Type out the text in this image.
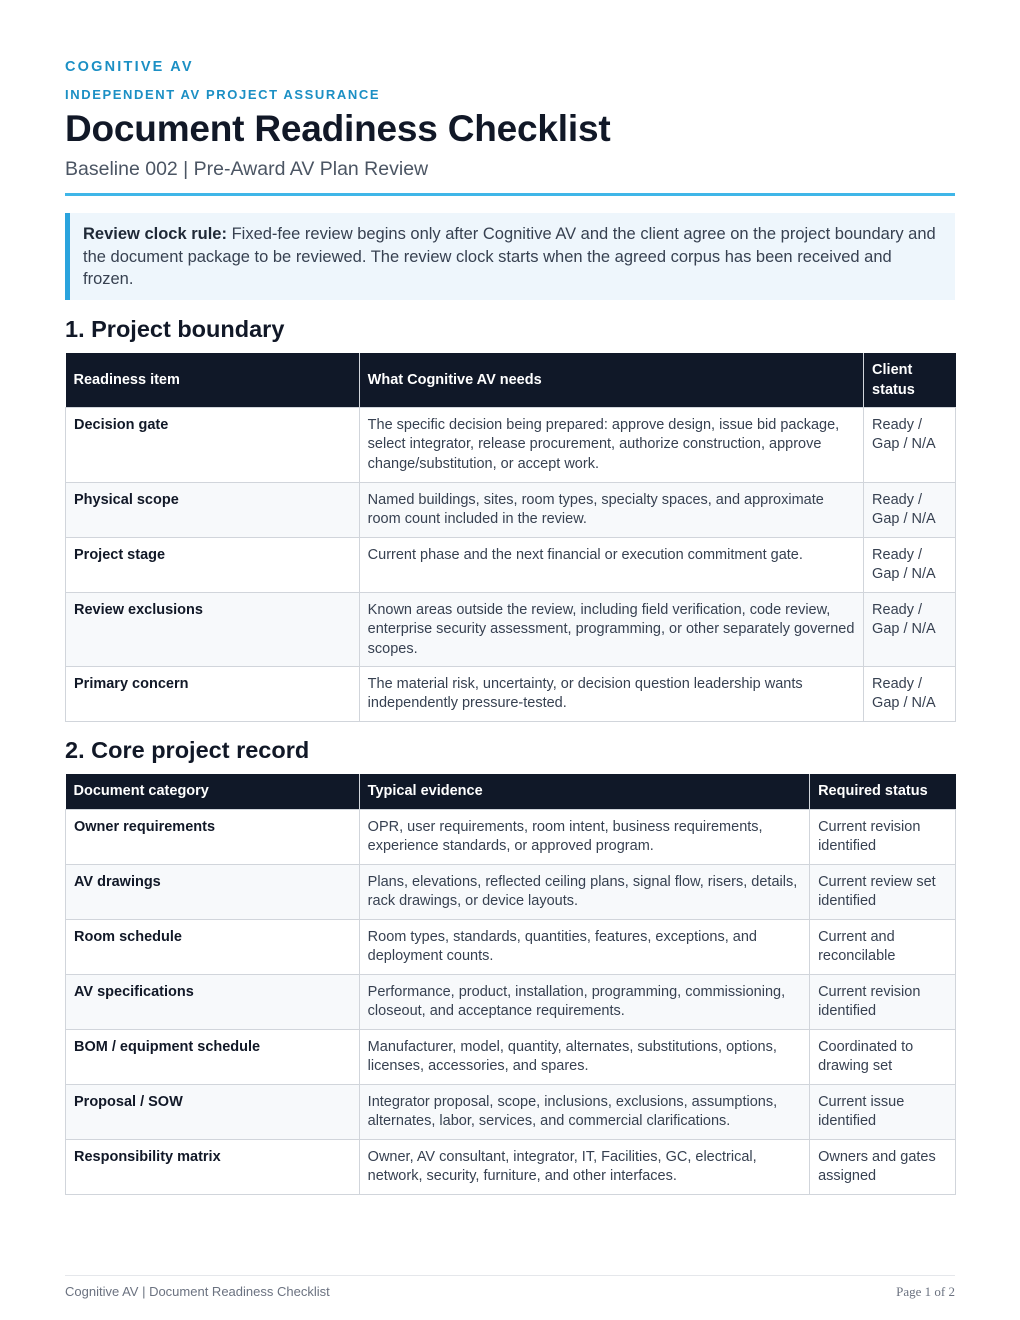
COGNITIVE AV
INDEPENDENT AV PROJECT ASSURANCE
Document Readiness Checklist
Baseline 002 | Pre-Award AV Plan Review
Review clock rule: Fixed-fee review begins only after Cognitive AV and the client agree on the project boundary and the document package to be reviewed. The review clock starts when the agreed corpus has been received and frozen.
1. Project boundary
Readiness item	What Cognitive AV needs	Client status
Decision gate	The specific decision being prepared: approve design, issue bid package, select integrator, release procurement, authorize construction, approve change/substitution, or accept work.	Ready / Gap / N/A
Physical scope	Named buildings, sites, room types, specialty spaces, and approximate room count included in the review.	Ready / Gap / N/A
Project stage	Current phase and the next financial or execution commitment gate.	Ready / Gap / N/A
Review exclusions	Known areas outside the review, including field verification, code review, enterprise security assessment, programming, or other separately governed scopes.	Ready / Gap / N/A
Primary concern	The material risk, uncertainty, or decision question leadership wants independently pressure-tested.	Ready / Gap / N/A
2. Core project record
Document category	Typical evidence	Required status
Owner requirements	OPR, user requirements, room intent, business requirements, experience standards, or approved program.	Current revision identified
AV drawings	Plans, elevations, reflected ceiling plans, signal flow, risers, details, rack drawings, or device layouts.	Current review set identified
Room schedule	Room types, standards, quantities, features, exceptions, and deployment counts.	Current and reconcilable
AV specifications	Performance, product, installation, programming, commissioning, closeout, and acceptance requirements.	Current revision identified
BOM / equipment schedule	Manufacturer, model, quantity, alternates, substitutions, options, licenses, accessories, and spares.	Coordinated to drawing set
Proposal / SOW	Integrator proposal, scope, inclusions, exclusions, assumptions, alternates, labor, services, and commercial clarifications.	Current issue identified
Responsibility matrix	Owner, AV consultant, integrator, IT, Facilities, GC, electrical, network, security, furniture, and other interfaces.	Owners and gates assigned
Cognitive AV | Document Readiness Checklist	Page 1 of 2
